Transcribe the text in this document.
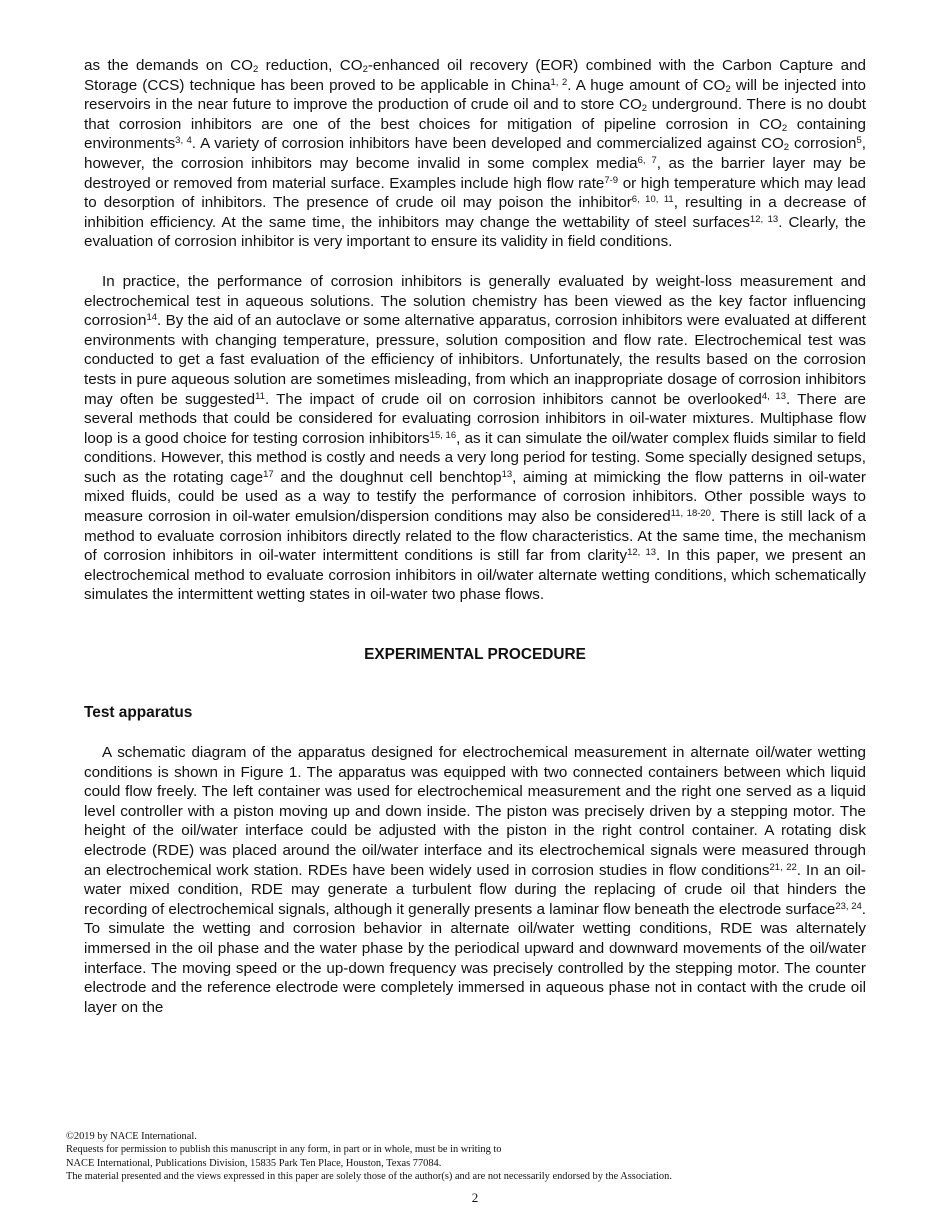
as the demands on $CO_2$ reduction, $CO_2$-enhanced oil recovery (EOR) combined with the Carbon Capture and Storage (CCS) technique has been proved to be applicable in China$^{1, 2}$. A huge amount of $CO_2$ will be injected into reservoirs in the near future to improve the production of crude oil and to store $CO_2$ underground. There is no doubt that corrosion inhibitors are one of the best choices for mitigation of pipeline corrosion in $CO_2$ containing environments$^{3, 4}$. A variety of corrosion inhibitors have been developed and commercialized against $CO_2$ corrosion$^5$, however, the corrosion inhibitors may become invalid in some complex media$^{6, 7}$, as the barrier layer may be destroyed or removed from material surface. Examples include high flow rate$^{7-9}$ or high temperature which may lead to desorption of inhibitors. The presence of crude oil may poison the inhibitor$^{6, 10, 11}$, resulting in a decrease of inhibition efficiency. At the same time, the inhibitors may change the wettability of steel surfaces$^{12, 13}$. Clearly, the evaluation of corrosion inhibitor is very important to ensure its validity in field conditions.

In practice, the performance of corrosion inhibitors is generally evaluated by weight-loss measurement and electrochemical test in aqueous solutions. The solution chemistry has been viewed as the key factor influencing corrosion$^{14}$. By the aid of an autoclave or some alternative apparatus, corrosion inhibitors were evaluated at different environments with changing temperature, pressure, solution composition and flow rate. Electrochemical test was conducted to get a fast evaluation of the efficiency of inhibitors. Unfortunately, the results based on the corrosion tests in pure aqueous solution are sometimes misleading, from which an inappropriate dosage of corrosion inhibitors may often be suggested$^{11}$. The impact of crude oil on corrosion inhibitors cannot be overlooked$^{4, 13}$. There are several methods that could be considered for evaluating corrosion inhibitors in oil-water mixtures. Multiphase flow loop is a good choice for testing corrosion inhibitors$^{15, 16}$, as it can simulate the oil/water complex fluids similar to field conditions. However, this method is costly and needs a very long period for testing. Some specially designed setups, such as the rotating cage$^{17}$ and the doughnut cell benchtop$^{13}$, aiming at mimicking the flow patterns in oil-water mixed fluids, could be used as a way to testify the performance of corrosion inhibitors. Other possible ways to measure corrosion in oil-water emulsion/dispersion conditions may also be considered$^{11, 18-20}$. There is still lack of a method to evaluate corrosion inhibitors directly related to the flow characteristics. At the same time, the mechanism of corrosion inhibitors in oil-water intermittent conditions is still far from clarity$^{12, 13}$. In this paper, we present an electrochemical method to evaluate corrosion inhibitors in oil/water alternate wetting conditions, which schematically simulates the intermittent wetting states in oil-water two phase flows.

EXPERIMENTAL PROCEDURE
Test apparatus

A schematic diagram of the apparatus designed for electrochemical measurement in alternate oil/water wetting conditions is shown in Figure 1. The apparatus was equipped with two connected containers between which liquid could flow freely. The left container was used for electrochemical measurement and the right one served as a liquid level controller with a piston moving up and down inside. The piston was precisely driven by a stepping motor. The height of the oil/water interface could be adjusted with the piston in the right control container. A rotating disk electrode (RDE) was placed around the oil/water interface and its electrochemical signals were measured through an electrochemical work station. RDEs have been widely used in corrosion studies in flow conditions$^{21, 22}$. In an oil-water mixed condition, RDE may generate a turbulent flow during the replacing of crude oil that hinders the recording of electrochemical signals, although it generally presents a laminar flow beneath the electrode surface$^{23, 24}$. To simulate the wetting and corrosion behavior in alternate oil/water wetting conditions, RDE was alternately immersed in the oil phase and the water phase by the periodical upward and downward movements of the oil/water interface. The moving speed or the up-down frequency was precisely controlled by the stepping motor. The counter electrode and the reference electrode were completely immersed in aqueous phase not in contact with the crude oil layer on the

©2019 by NACE International.
Requests for permission to publish this manuscript in any form, in part or in whole, must be in writing to
NACE International, Publications Division, 15835 Park Ten Place, Houston, Texas 77084.
The material presented and the views expressed in this paper are solely those of the author(s) and are not necessarily endorsed by the Association.
2
